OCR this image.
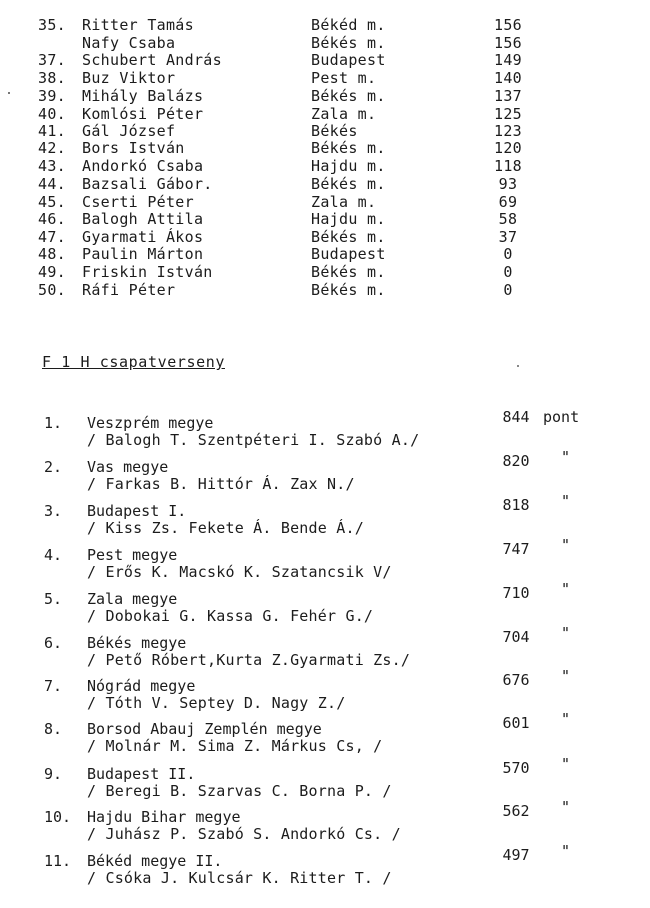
35. Ritter Tamás	Békéd m.	156
Nafy Csaba	Békés m.	156
37. Schubert András	Budapest	149
38. Buz Viktor	Pest m.	140
39. Mihály Balázs	Békés m.	137
40. Komlósi Péter	Zala m.	125
41. Gál József	Békés	123
42. Bors István	Békés m.	120
43. Andorkó Csaba	Hajdu m.	118
44. Bazsali Gábor.	Békés m.	93
45. Cserti Péter	Zala m.	69
46. Balogh Attila	Hajdu m.	58
47. Gyarmati Ákos	Békés m.	37
48. Paulin Márton	Budapest	0
49. Friskin István	Békés m.	0
50. Ráfi Péter	Békés m.	0
F 1 H csapatverseny
1.	Veszprém megye
/ Balogh T. Szentpéteri I. Szabó A./
844 pont
2.	Vas megye
/ Farkas B. Hittór Á. Zax N./
820	"
3.	Budapest I.
/ Kiss Zs. Fekete Á. Bende Á./
818	"
4.	Pest megye
/ Erős K. Macskó K. Szatancsik V/
747	"
5.	Zala megye
/ Dobokai G. Kassa G. Fehér G./
710	"
6.	Békés megye
/ Pető Róbert,Kurta Z.Gyarmati Zs./
704	"
7.	Nógrád megye
/ Tóth V. Septey D. Nagy Z./
676	"
8.	Borsod Abauj Zemplén megye
/ Molnár M. Sima Z. Márkus Cs, /
601	"
9.	Budapest II.
/ Beregi B. Szarvas C. Borna P. /
570	"
10. Hajdu Bihar megye
/ Juhász P. Szabó S. Andorkó Cs. /
562	"
11. Békéd megye II.
/ Csóka J. Kulcsár K. Ritter T. /
497	"
